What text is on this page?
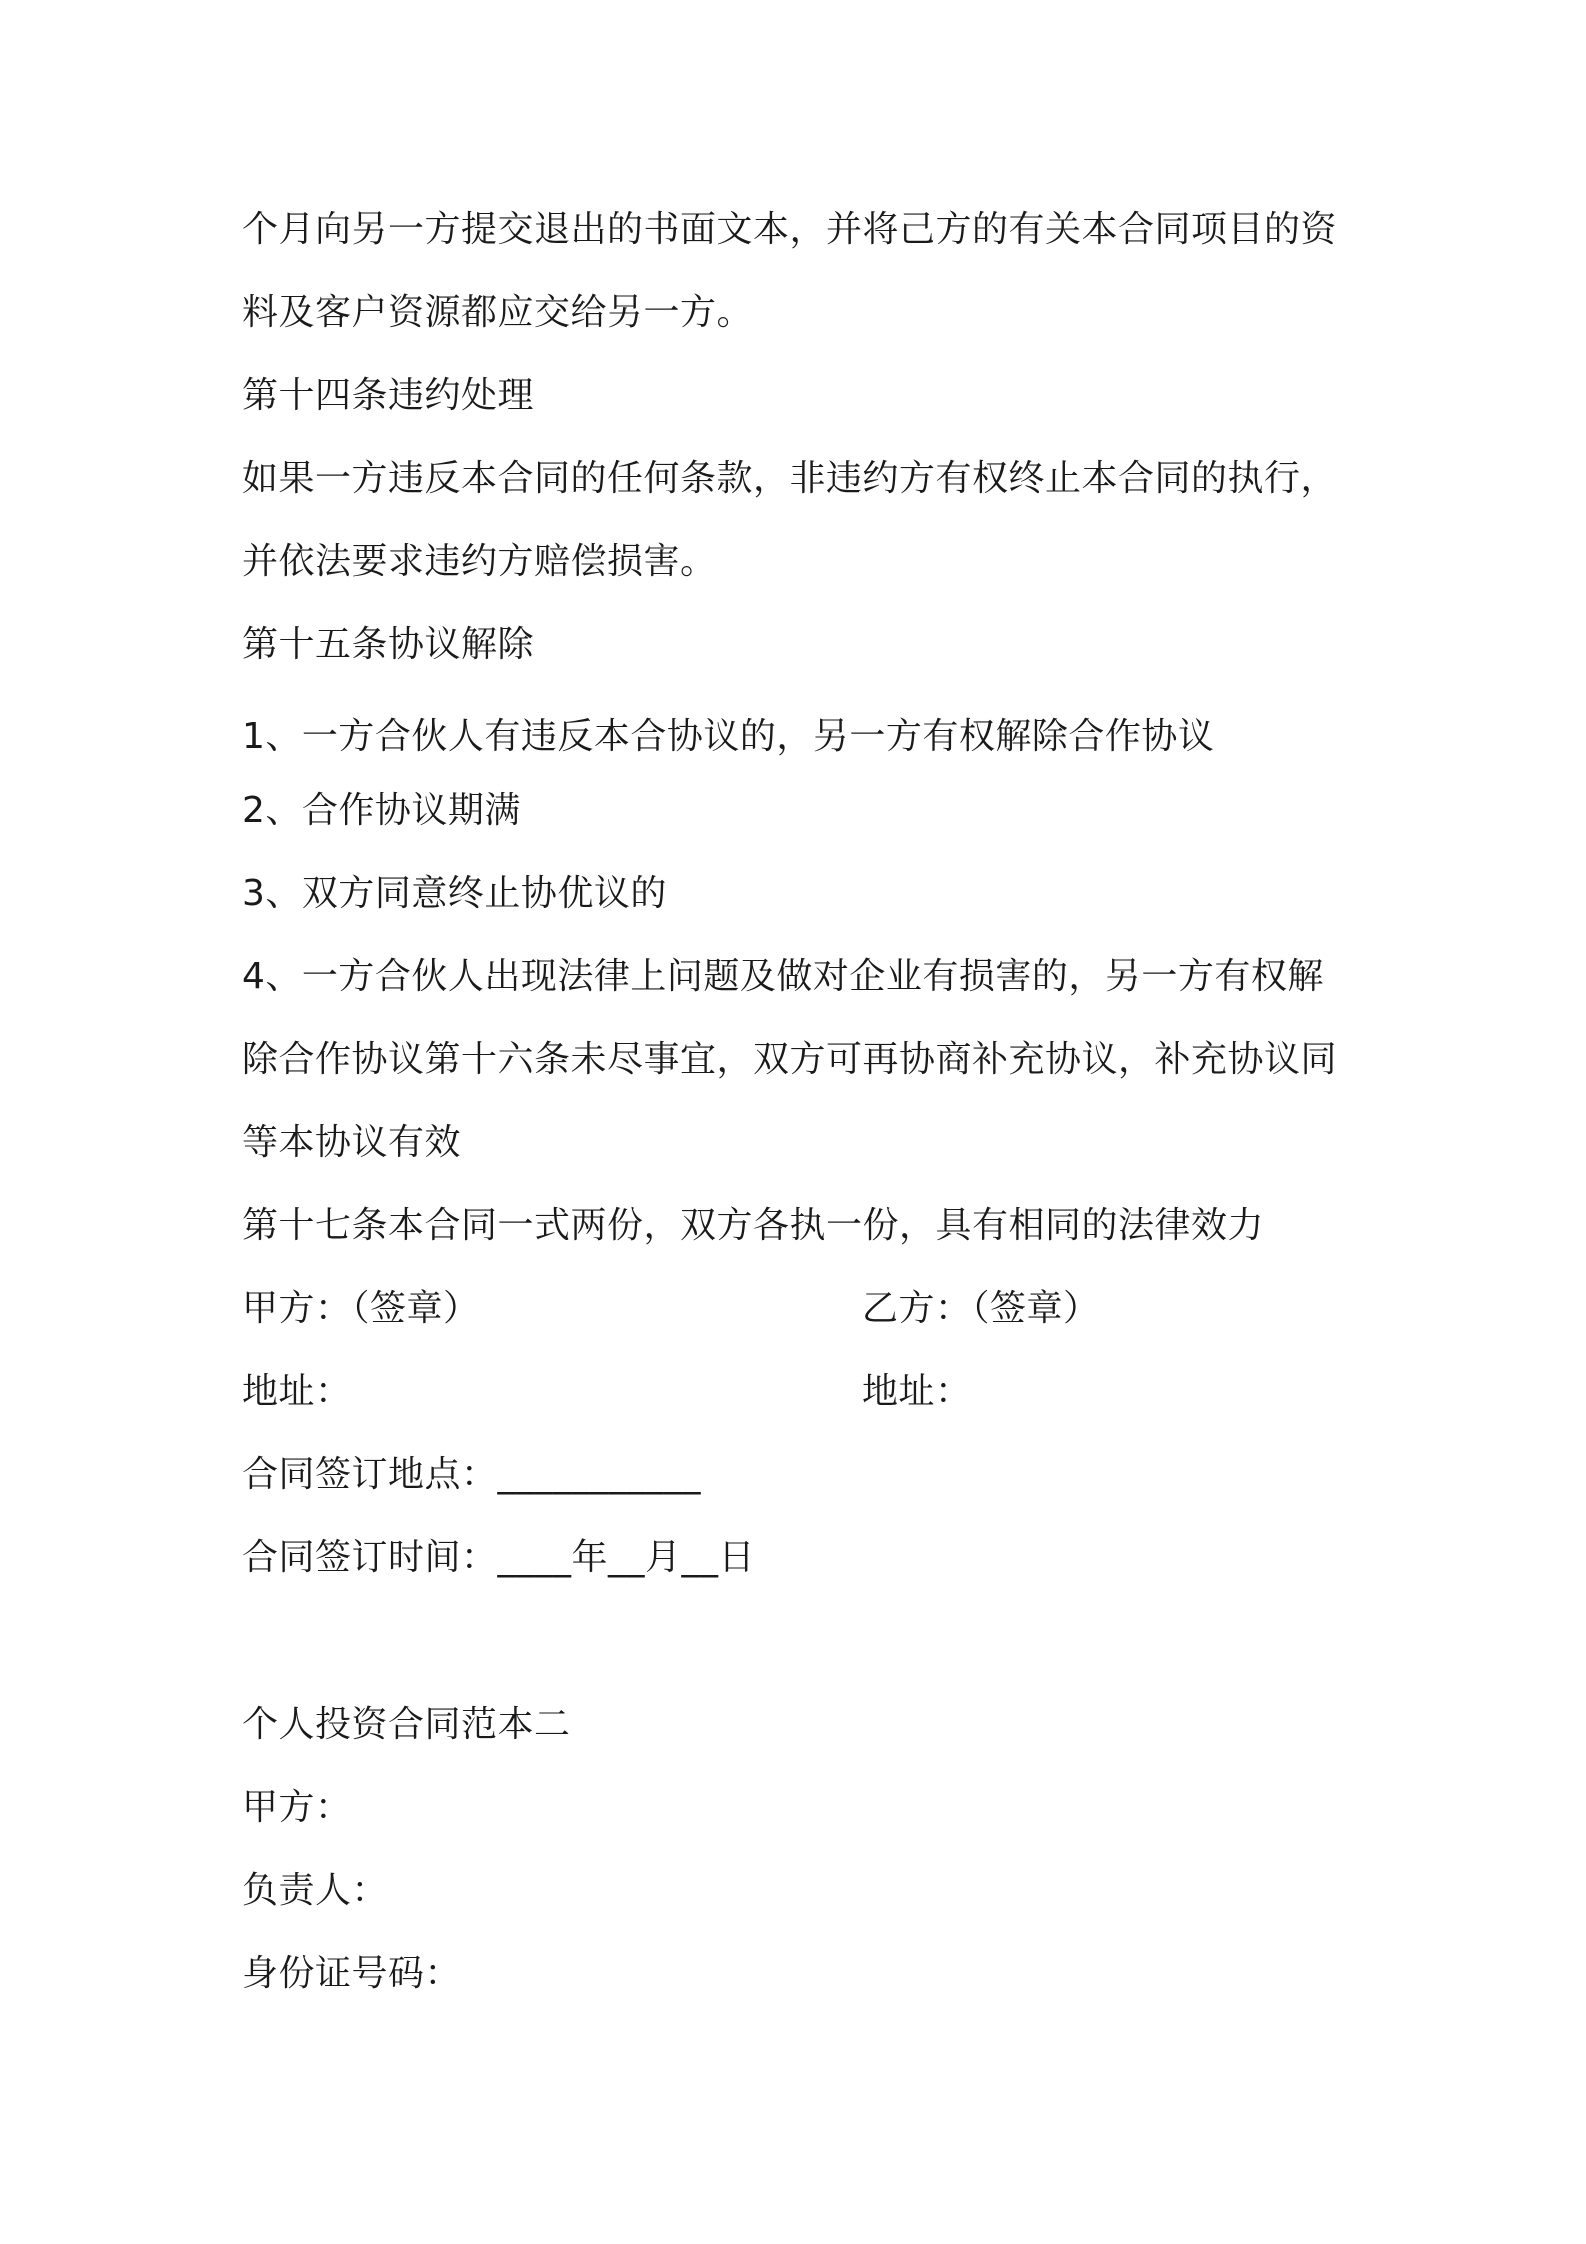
个月向另一方提交退出的书面文本，并将己方的有关本合同项目的资
料及客户资源都应交给另一方。
第十四条违约处理
如果一方违反本合同的任何条款，非违约方有权终止本合同的执行，
并依法要求违约方赔偿损害。
第十五条协议解除
1、一方合伙人有违反本合协议的，另一方有权解除合作协议
2、合作协议期满
3、双方同意终止协优议的
4、一方合伙人出现法律上问题及做对企业有损害的，另一方有权解
除合作协议第十六条未尽事宜，双方可再协商补充协议，补充协议同
等本协议有效
第十七条本合同一式两份，双方各执一份，具有相同的法律效力
甲方：（签章）	乙方：（签章）
地址：	地址：
合同签订地点：___________
合同签订时间：____年__月__日
个人投资合同范本二
甲方：
负责人：
身份证号码：
